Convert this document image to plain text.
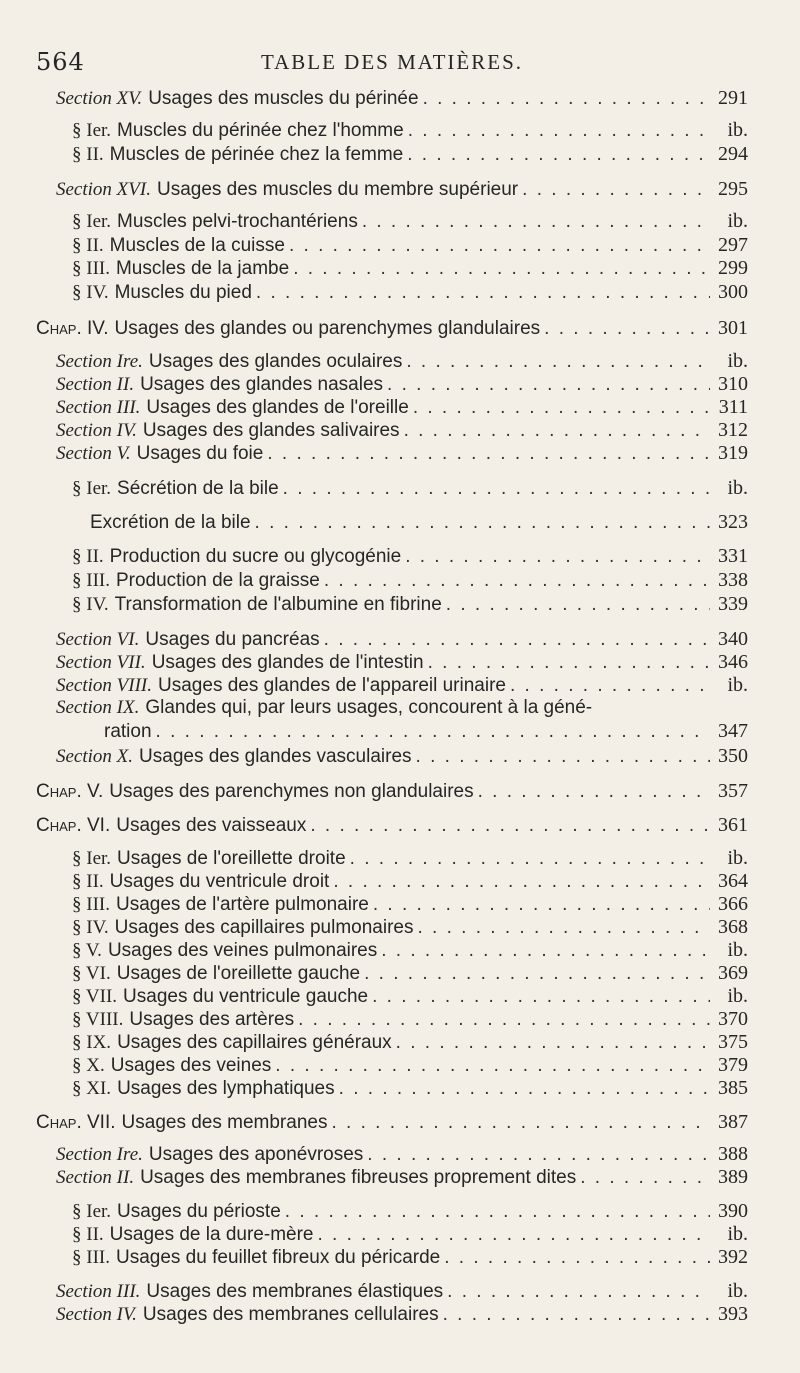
564	TABLE DES MATIÈRES.
Section XV. Usages des muscles du périnée . . .	291
§ Ier. Muscles du périnée chez l'homme . . .	ib.
§ II. Muscles de périnée chez la femme . . .	294
Section XVI. Usages des muscles du membre supérieur . . .	295
§ Ier. Muscles pelvi-trochantériens . . .	ib.
§ II. Muscles de la cuisse . . .	297
§ III. Muscles de la jambe . . .	299
§ IV. Muscles du pied . . .	300
Chap. IV. Usages des glandes ou parenchymes glandulaires . . .	301
Section Ire. Usages des glandes oculaires . . .	ib.
Section II. Usages des glandes nasales . . .	310
Section III. Usages des glandes de l'oreille . . .	311
Section IV. Usages des glandes salivaires . . .	312
Section V. Usages du foie . . .	319
§ Ier. Sécrétion de la bile . . .	ib.
Excrétion de la bile . . .	323
§ II. Production du sucre ou glycogénie . . .	331
§ III. Production de la graisse . . .	338
§ IV. Transformation de l'albumine en fibrine . . .	339
Section VI. Usages du pancréas . . .	340
Section VII. Usages des glandes de l'intestin . . .	346
Section VIII. Usages des glandes de l'appareil urinaire . . .	ib.
Section IX. Glandes qui, par leurs usages, concourent à la géné-
ration . . .	347
Section X. Usages des glandes vasculaires . . .	350
Chap. V. Usages des parenchymes non glandulaires . . .	357
Chap. VI. Usages des vaisseaux . . .	361
§ Ier. Usages de l'oreillette droite . . .	ib.
§ II. Usages du ventricule droit . . .	364
§ III. Usages de l'artère pulmonaire . . .	366
§ IV. Usages des capillaires pulmonaires . . .	368
§ V. Usages des veines pulmonaires . . .	ib.
§ VI. Usages de l'oreillette gauche . . .	369
§ VII. Usages du ventricule gauche . . .	ib.
§ VIII. Usages des artères . . .	370
§ IX. Usages des capillaires généraux . . .	375
§ X. Usages des veines . . .	379
§ XI. Usages des lymphatiques . . .	385
Chap. VII. Usages des membranes . . .	387
Section Ire. Usages des aponévroses . . .	388
Section II. Usages des membranes fibreuses proprement dites . . .	389
§ Ier. Usages du périoste . . .	390
§ II. Usages de la dure-mère . . .	ib.
§ III. Usages du feuillet fibreux du péricarde . . .	392
Section III. Usages des membranes élastiques . . .	ib.
Section IV. Usages des membranes cellulaires . . .	393
